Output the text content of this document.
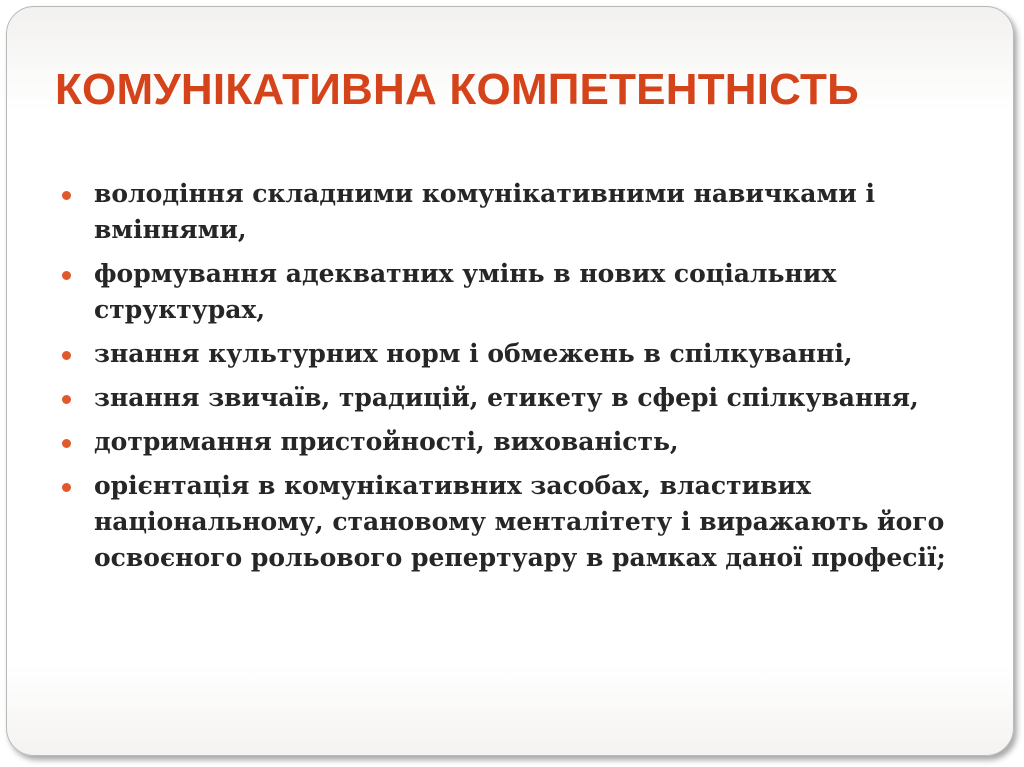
КОМУНІКАТИВНА КОМПЕТЕНТНІСТЬ
володіння складними комунікативними навичками і вміннями,
формування адекватних умінь в нових соціальних структурах,
знання культурних норм і обмежень в спілкуванні,
знання звичаїв, традицій, етикету в сфері спілкування,
дотримання пристойності, вихованість,
орієнтація в комунікативних засобах, властивих національному, становому менталітету і виражають його освоєного рольового репертуару в рамках даної професії;
